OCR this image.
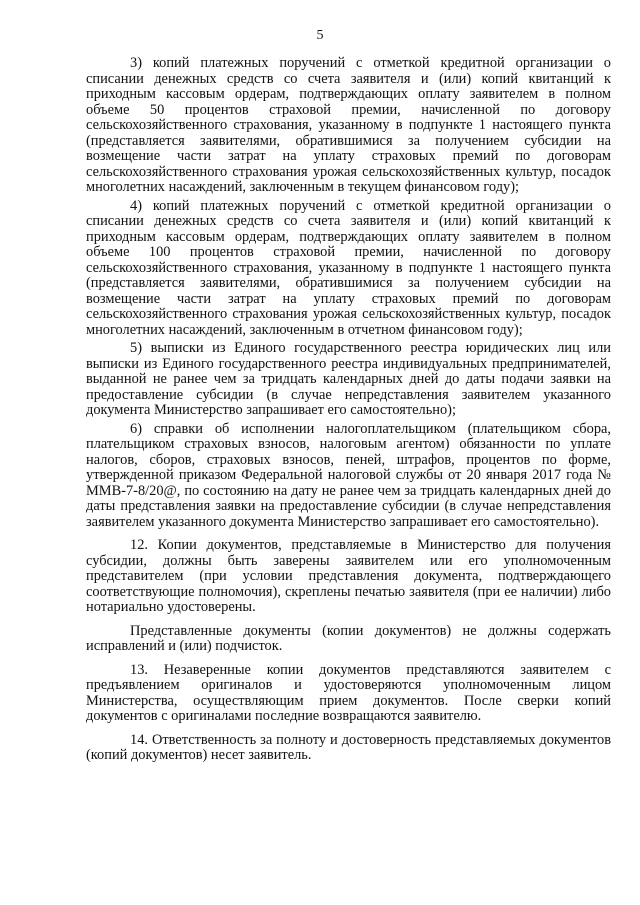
5

3) копий платежных поручений с отметкой кредитной организации о списании денежных средств со счета заявителя и (или) копий квитанций к приходным кассовым ордерам, подтверждающих оплату заявителем в полном объеме 50 процентов страховой премии, начисленной по договору сельскохозяйственного страхования, указанному в подпункте 1 настоящего пункта (представляется заявителями, обратившимися за получением субсидии на возмещение части затрат на уплату страховых премий по договорам сельскохозяйственного страхования урожая сельскохозяйственных культур, посадок многолетних насаждений, заключенным в текущем финансовом году);

4) копий платежных поручений с отметкой кредитной организации о списании денежных средств со счета заявителя и (или) копий квитанций к приходным кассовым ордерам, подтверждающих оплату заявителем в полном объеме 100 процентов страховой премии, начисленной по договору сельскохозяйственного страхования, указанному в подпункте 1 настоящего пункта (представляется заявителями, обратившимися за получением субсидии на возмещение части затрат на уплату страховых премий по договорам сельскохозяйственного страхования урожая сельскохозяйственных культур, посадок многолетних насаждений, заключенным в отчетном финансовом году);

5) выписки из Единого государственного реестра юридических лиц или выписки из Единого государственного реестра индивидуальных предпринимателей, выданной не ранее чем за тридцать календарных дней до даты подачи заявки на предоставление субсидии (в случае непредставления заявителем указанного документа Министерство запрашивает его самостоятельно);

6) справки об исполнении налогоплательщиком (плательщиком сбора, плательщиком страховых взносов, налоговым агентом) обязанности по уплате налогов, сборов, страховых взносов, пеней, штрафов, процентов по форме, утвержденной приказом Федеральной налоговой службы от 20 января 2017 года № ММВ-7-8/20@, по состоянию на дату не ранее чем за тридцать календарных дней до даты представления заявки на предоставление субсидии (в случае непредставления заявителем указанного документа Министерство запрашивает его самостоятельно).

12. Копии документов, представляемые в Министерство для получения субсидии, должны быть заверены заявителем или его уполномоченным представителем (при условии представления документа, подтверждающего соответствующие полномочия), скреплены печатью заявителя (при ее наличии) либо нотариально удостоверены.

Представленные документы (копии документов) не должны содержать исправлений и (или) подчисток.

13. Незаверенные копии документов представляются заявителем с предъявлением оригиналов и удостоверяются уполномоченным лицом Министерства, осуществляющим прием документов. После сверки копий документов с оригиналами последние возвращаются заявителю.

14. Ответственность за полноту и достоверность представляемых документов (копий документов) несет заявитель.
